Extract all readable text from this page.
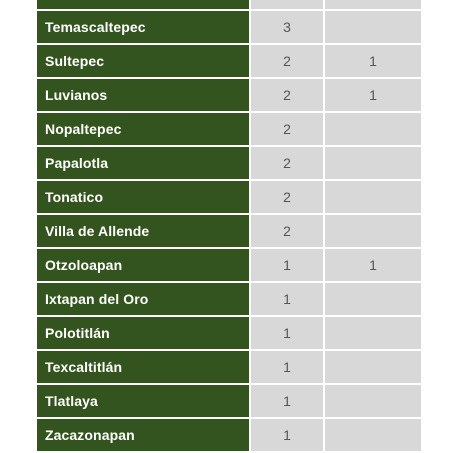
Temascaltepec	3
Sultepec	2	1
Luvianos	2	1
Nopaltepec	2
Papalotla	2
Tonatico	2
Villa de Allende	2
Otzoloapan	1	1
Ixtapan del Oro	1
Polotitlán	1
Texcaltitlán	1
Tlatlaya	1
Zacazonapan	1
